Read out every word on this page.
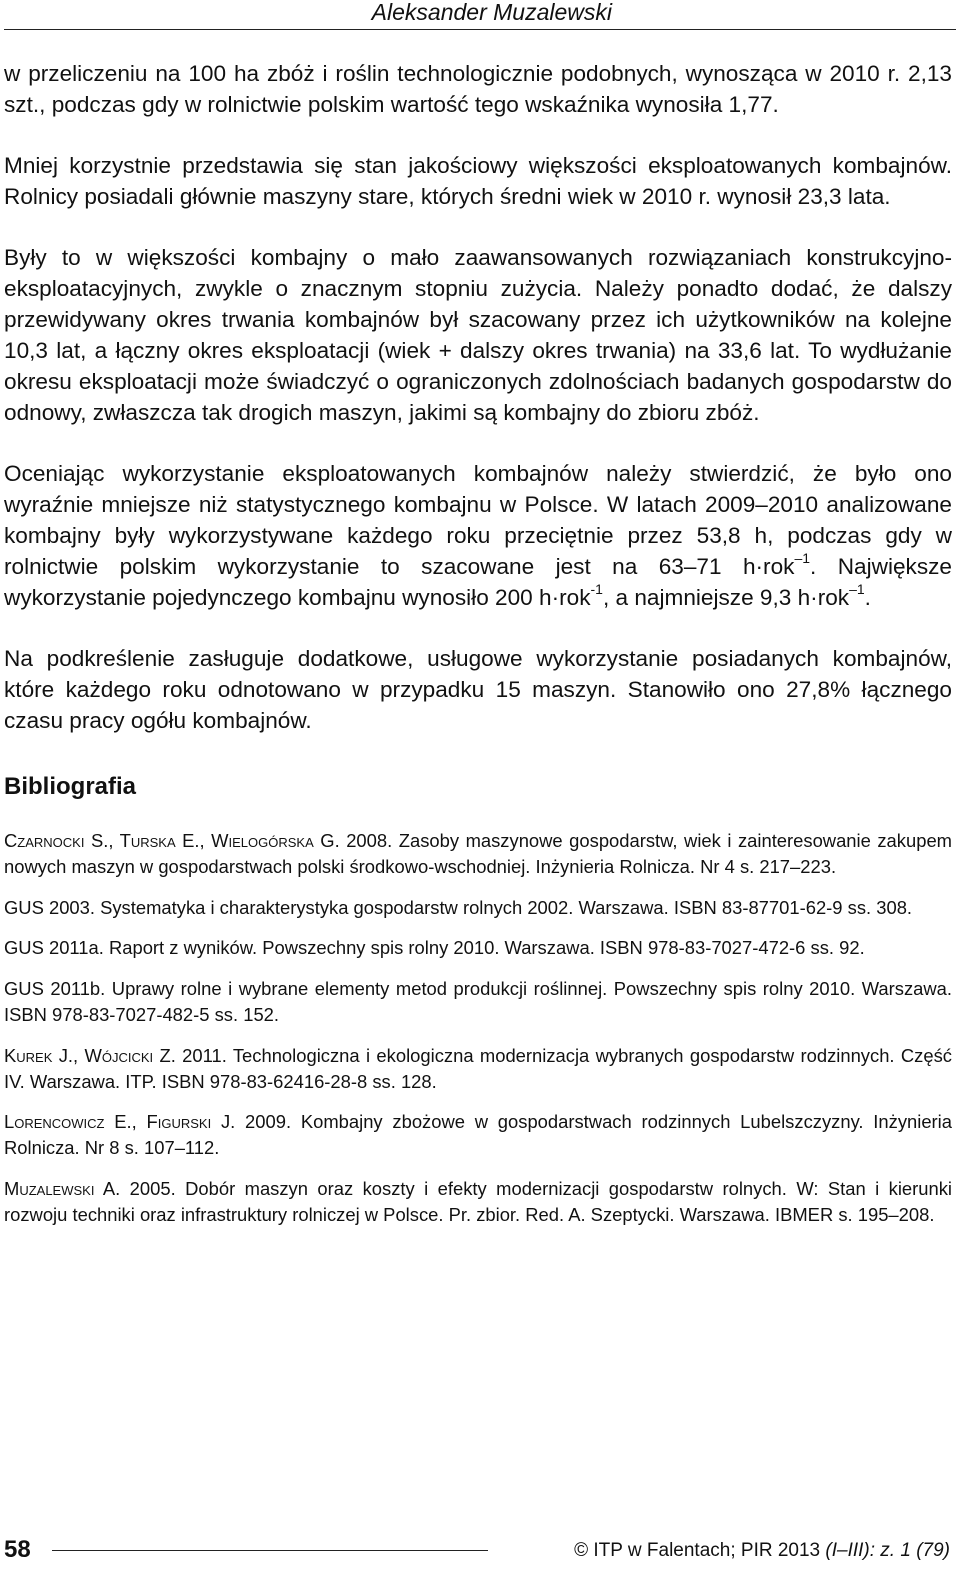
Aleksander Muzalewski

w przeliczeniu na 100 ha zbóż i roślin technologicznie podobnych, wynosząca w 2010 r. 2,13 szt., podczas gdy w rolnictwie polskim wartość tego wskaźnika wynosiła 1,77.

Mniej korzystnie przedstawia się stan jakościowy większości eksploatowanych kombajnów. Rolnicy posiadali głównie maszyny stare, których średni wiek w 2010 r. wynosił 23,3 lata.

Były to w większości kombajny o mało zaawansowanych rozwiązaniach konstrukcyjno-eksploatacyjnych, zwykle o znacznym stopniu zużycia. Należy ponadto dodać, że dalszy przewidywany okres trwania kombajnów był szacowany przez ich użytkowników na kolejne 10,3 lat, a łączny okres eksploatacji (wiek + dalszy okres trwania) na 33,6 lat. To wydłużanie okresu eksploatacji może świadczyć o ograniczonych zdolnościach badanych gospodarstw do odnowy, zwłaszcza tak drogich maszyn, jakimi są kombajny do zbioru zbóż.

Oceniając wykorzystanie eksploatowanych kombajnów należy stwierdzić, że było ono wyraźnie mniejsze niż statystycznego kombajnu w Polsce. W latach 2009–2010 analizowane kombajny były wykorzystywane każdego roku przeciętnie przez 53,8 h, podczas gdy w rolnictwie polskim wykorzystanie to szacowane jest na 63–71 h·rok$^{-1}$. Największe wykorzystanie pojedynczego kombajnu wynosiło 200 h·rok$^{-1}$, a najmniejsze 9,3 h·rok$^{-1}$.

Na podkreślenie zasługuje dodatkowe, usługowe wykorzystanie posiadanych kombajnów, które każdego roku odnotowano w przypadku 15 maszyn. Stanowiło ono 27,8% łącznego czasu pracy ogółu kombajnów.

Bibliografia

Czarnocki S., Turska E., Wielogórska G. 2008. Zasoby maszynowe gospodarstw, wiek i zainteresowanie zakupem nowych maszyn w gospodarstwach polski środkowo-wschodniej. Inżynieria Rolnicza. Nr 4 s. 217–223.

GUS 2003. Systematyka i charakterystyka gospodarstw rolnych 2002. Warszawa. ISBN 83-87701-62-9 ss. 308.

GUS 2011a. Raport z wyników. Powszechny spis rolny 2010. Warszawa. ISBN 978-83-7027-472-6 ss. 92.

GUS 2011b. Uprawy rolne i wybrane elementy metod produkcji roślinnej. Powszechny spis rolny 2010. Warszawa. ISBN 978-83-7027-482-5 ss. 152.

Kurek J., Wójcicki Z. 2011. Technologiczna i ekologiczna modernizacja wybranych gospodarstw rodzinnych. Część IV. Warszawa. ITP. ISBN 978-83-62416-28-8 ss. 128.

Lorencowicz E., Figurski J. 2009. Kombajny zbożowe w gospodarstwach rodzinnych Lubelszczyzny. Inżynieria Rolnicza. Nr 8 s. 107–112.

Muzalewski A. 2005. Dobór maszyn oraz koszty i efekty modernizacji gospodarstw rolnych. W: Stan i kierunki rozwoju techniki oraz infrastruktury rolniczej w Polsce. Pr. zbior. Red. A. Szeptycki. Warszawa. IBMER s. 195–208.

58	© ITP w Falentach; PIR 2013 (I–III): z. 1 (79)
